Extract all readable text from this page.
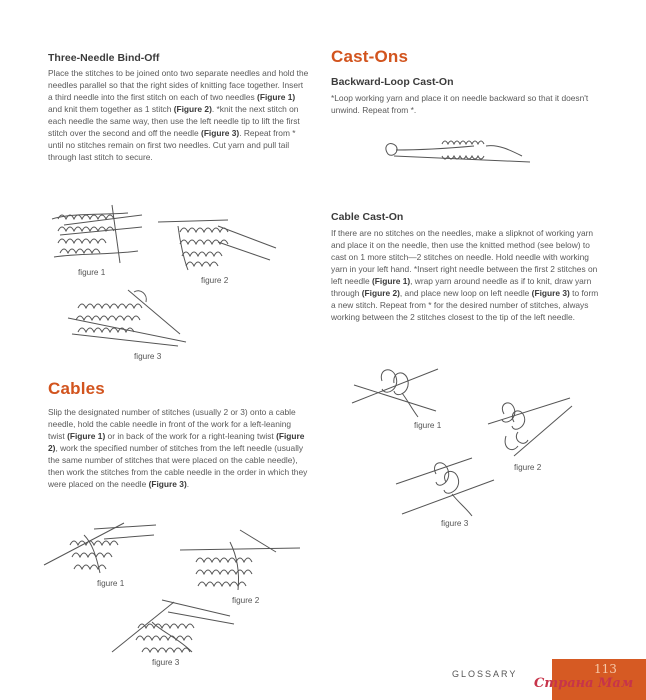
Three-Needle Bind-Off
Place the stitches to be joined onto two separate needles and hold the needles parallel so that the right sides of knitting face together. Insert a third needle into the first stitch on each of two needles (Figure 1) and knit them together as 1 stitch (Figure 2). *knit the next stitch on each needle the same way, then use the left needle tip to lift the first stitch over the second and off the needle (Figure 3). Repeat from * until no stitches remain on first two needles. Cut yarn and pull tail through last stitch to secure.
figure 1
figure 2
figure 3
Cables
Slip the designated number of stitches (usually 2 or 3) onto a cable needle, hold the cable needle in front of the work for a left-leaning twist (Figure 1) or in back of the work for a right-leaning twist (Figure 2), work the specified number of stitches from the left needle (usually the same number of stitches that were placed on the cable needle), then work the stitches from the cable needle in the order in which they were placed on the needle (Figure 3).
figure 1
figure 2
figure 3
Cast-Ons
Backward-Loop Cast-On
*Loop working yarn and place it on needle backward so that it doesn't unwind. Repeat from *.
Cable Cast-On
If there are no stitches on the needles, make a slipknot of working yarn and place it on the needle, then use the knitted method (see below) to cast on 1 more stitch—2 stitches on needle. Hold needle with working yarn in your left hand. *Insert right needle between the first 2 stitches on left needle (Figure 1), wrap yarn around needle as if to knit, draw yarn through (Figure 2), and place new loop on left needle (Figure 3) to form a new stitch. Repeat from * for the desired number of stitches, always working between the 2 stitches closest to the tip of the left needle.
figure 1
figure 2
figure 3
GLOSSARY	113
Страна Мам
